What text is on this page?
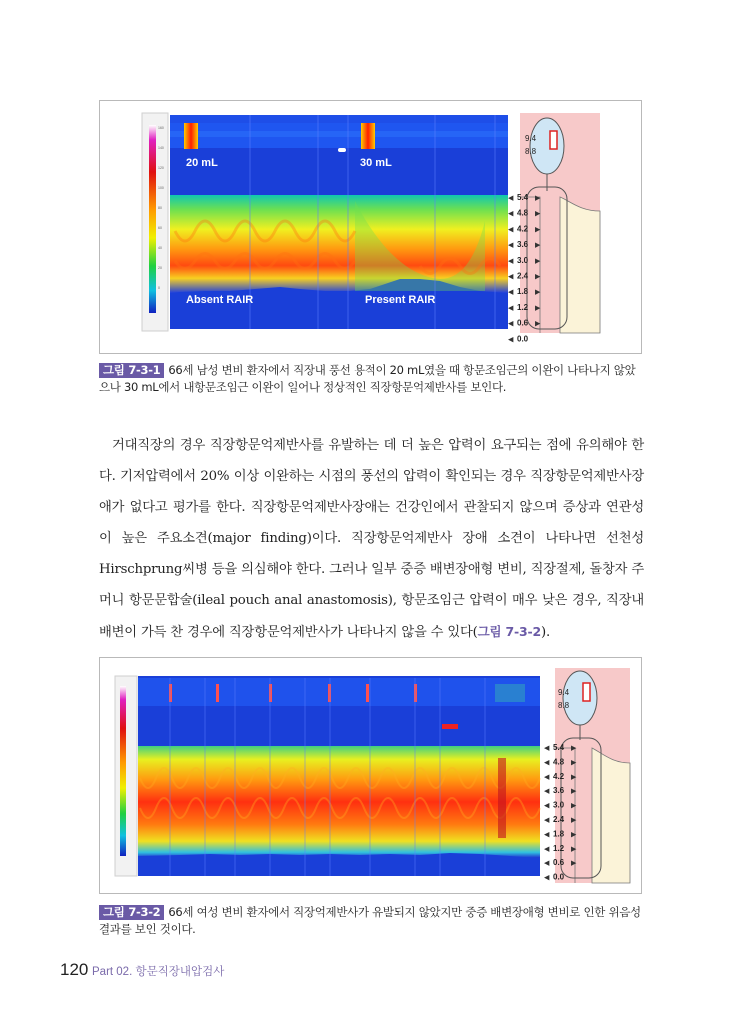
160
140
120
100
80
60
40
20
0
20 mL	30 mL
Absent RAIR	Present RAIR
9.4
8.8
◀ 5.4 ▶
◀ 4.8 ▶
◀ 4.2 ▶
◀ 3.6 ▶
◀ 3.0 ▶
◀ 2.4 ▶
◀ 1.8 ▶
◀ 1.2 ▶
◀ 0.6 ▶
◀ 0.0
그림 7-3-1 66세 남성 변비 환자에서 직장내 풍선 용적이 20 mL였을 때 항문조임근의 이완이 나타나지 않았으나 30 mL에서 내항문조임근 이완이 일어나 정상적인 직장항문억제반사를 보인다.

거대직장의 경우 직장항문억제반사를 유발하는 데 더 높은 압력이 요구되는 점에 유의해야 한다. 기저압력에서 20% 이상 이완하는 시점의 풍선의 압력이 확인되는 경우 직장항문억제반사장애가 없다고 평가를 한다. 직장항문억제반사장애는 건강인에서 관찰되지 않으며 증상과 연관성이 높은 주요소견(major finding)이다. 직장항문억제반사 장애 소견이 나타나면 선천성 Hirschprung씨병 등을 의심해야 한다. 그러나 일부 중증 배변장애형 변비, 직장절제, 돌창자 주머니 항문문합술(ileal pouch anal anastomosis), 항문조임근 압력이 매우 낮은 경우, 직장내 배변이 가득 찬 경우에 직장항문억제반사가 나타나지 않을 수 있다(그림 7-3-2).

9.4
8.8
◀ 5.4 ▶
◀ 4.8 ▶
◀ 4.2 ▶
◀ 3.6 ▶
◀ 3.0 ▶
◀ 2.4 ▶
◀ 1.8 ▶
◀ 1.2 ▶
◀ 0.6 ▶
◀ 0.0
그림 7-3-2 66세 여성 변비 환자에서 직장억제반사가 유발되지 않았지만 중증 배변장애형 변비로 인한 위음성 결과를 보인 것이다.
120 Part 02. 항문직장내압검사
